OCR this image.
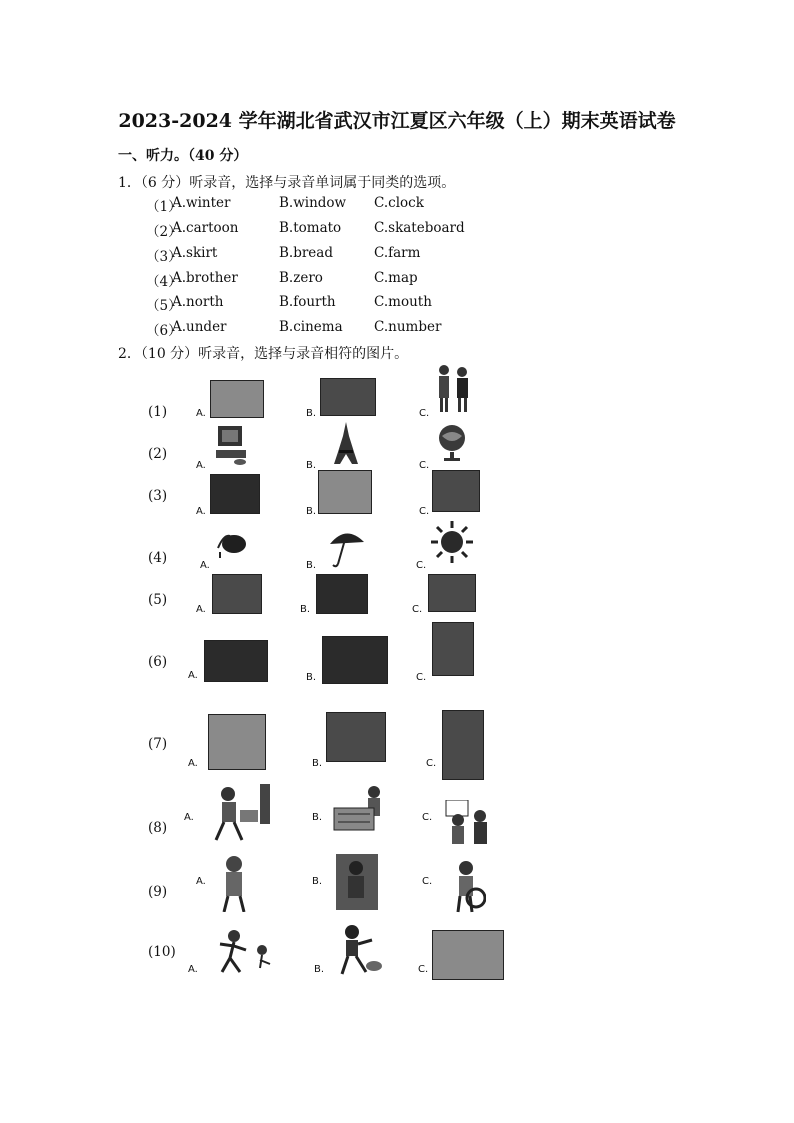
2023-2024 学年湖北省武汉市江夏区六年级（上）期末英语试卷
一、听力。（40 分）
1．（6 分）听录音，选择与录音单词属于同类的选项。
（1）
A.winter	B.window C.clock
（2）
A.cartoon	B.tomato C.skateboard
（3）
A.skirt	B.bread	C.farm
（4）
A.brother	B.zero	C.map
（5）
A.north	B.fourth	C.mouth
（6）
A.under	B.cinema C.number
2．（10 分）听录音，选择与录音相符的图片。
(1)	A.	B.	C.
(2)
A.	B.	C.
(3)
A.	B.	C.
(4)	A.	B.	C.
(5)
A.	B.	C.
(6)
A.	B.	C.
(7)
A.	B.	C.
(8)
A.	B.	C.
(9)
A.	B.	C.
(10)
A.	B.	C.
